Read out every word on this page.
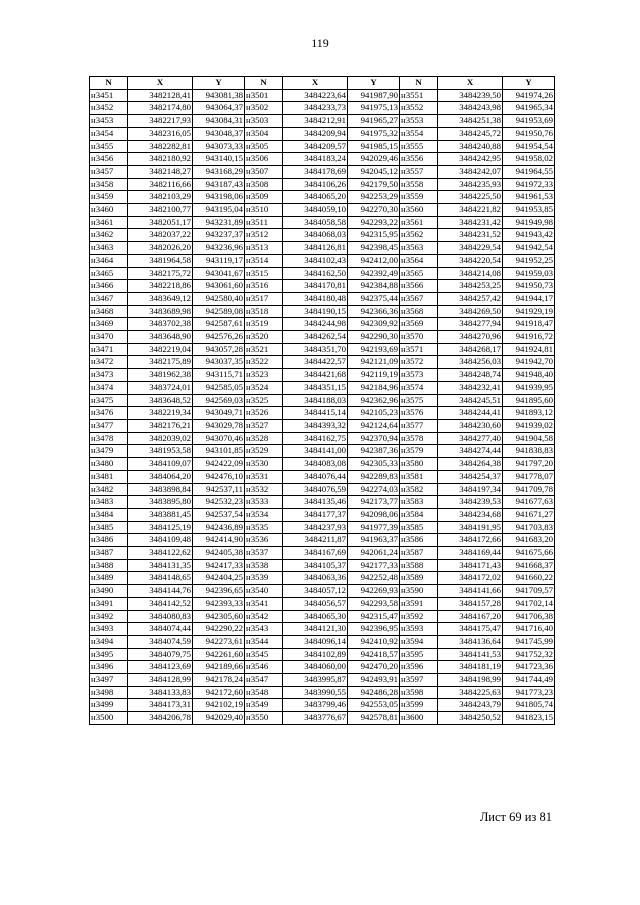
119
N	X	Y	N	X	Y	N	X	Y
н3451	3482128,41	943081,38	н3501	3484223,64	941987,90	н3551	3484239,50	941974,26
н3452	3482174,80	943064,37	н3502	3484233,73	941975,13	н3552	3484243,98	941965,34
н3453	3482217,93	943084,31	н3503	3484212,91	941965,27	н3553	3484251,38	941953,69
н3454	3482316,05	943048,37	н3504	3484209,94	941975,32	н3554	3484245,72	941950,76
н3455	3482282,81	943073,33	н3505	3484209,57	941985,15	н3555	3484240,88	941954,54
н3456	3482180,92	943140,15	н3506	3484183,24	942029,46	н3556	3484242,95	941958,02
н3457	3482148,27	943168,29	н3507	3484178,69	942045,12	н3557	3484242,07	941964,55
н3458	3482116,66	943187,43	н3508	3484106,26	942179,50	н3558	3484235,93	941972,33
н3459	3482103,29	943198,06	н3509	3484065,20	942253,29	н3559	3484225,50	941961,53
н3460	3482100,77	943195,04	н3510	3484059,10	942270,30	н3560	3484221,82	941953,85
н3461	3482051,17	943231,89	н3511	3484058,58	942293,22	н3561	3484231,42	941949,98
н3462	3482037,22	943237,37	н3512	3484068,03	942315,95	н3562	3484231,52	941943,42
н3463	3482026,20	943236,96	н3513	3484126,81	942398,45	н3563	3484229,54	941942,54
н3464	3481964,58	943119,17	н3514	3484102,43	942412,00	н3564	3484220,54	941952,25
н3465	3482175,72	943041,67	н3515	3484162,50	942392,49	н3565	3484214,08	941959,03
н3466	3482218,86	943061,60	н3516	3484170,81	942384,88	н3566	3484253,25	941950,73
н3467	3483649,12	942580,40	н3517	3484180,48	942375,44	н3567	3484257,42	941944,17
н3468	3483689,98	942589,08	н3518	3484190,15	942366,36	н3568	3484269,50	941929,19
н3469	3483702,38	942587,61	н3519	3484244,98	942309,92	н3569	3484277,94	941918,47
н3470	3483648,90	942576,26	н3520	3484262,54	942290,30	н3570	3484270,96	941916,72
н3471	3482219,04	943057,28	н3521	3484351,70	942193,69	н3571	3484268,17	941924,81
н3472	3482175,89	943037,35	н3522	3484422,57	942121,09	н3572	3484256,03	941942,70
н3473	3481962,38	943115,71	н3523	3484421,68	942119,19	н3573	3484248,74	941948,40
н3474	3483724,01	942585,05	н3524	3484351,15	942184,96	н3574	3484232,41	941939,95
н3475	3483648,52	942569,03	н3525	3484188,03	942362,96	н3575	3484245,51	941895,60
н3476	3482219,34	943049,71	н3526	3484415,14	942105,23	н3576	3484244,41	941893,12
н3477	3482176,21	943029,78	н3527	3484393,32	942124,64	н3577	3484230,60	941939,02
н3478	3482039,02	943070,46	н3528	3484162,75	942370,94	н3578	3484277,40	941904,58
н3479	3481953,58	943101,85	н3529	3484141,00	942387,36	н3579	3484274,44	941838,83
н3480	3484109,07	942422,09	н3530	3484083,08	942305,33	н3580	3484264,38	941797,20
н3481	3484064,20	942476,10	н3531	3484076,44	942289,83	н3581	3484254,37	941778,07
н3482	3483898,84	942537,11	н3532	3484076,59	942274,03	н3582	3484197,34	941709,78
н3483	3483895,80	942532,23	н3533	3484135,46	942173,77	н3583	3484239,53	941677,63
н3484	3483881,45	942537,54	н3534	3484177,37	942098,06	н3584	3484234,68	941671,27
н3485	3484125,19	942436,89	н3535	3484237,93	941977,39	н3585	3484191,95	941703,83
н3486	3484109,48	942414,90	н3536	3484211,87	941963,37	н3586	3484172,66	941683,20
н3487	3484122,62	942405,38	н3537	3484167,69	942061,24	н3587	3484169,44	941675,66
н3488	3484131,35	942417,33	н3538	3484105,37	942177,33	н3588	3484171,43	941668,37
н3489	3484148,65	942404,25	н3539	3484063,36	942252,48	н3589	3484172,02	941660,22
н3490	3484144,76	942396,65	н3540	3484057,12	942269,93	н3590	3484141,66	941709,57
н3491	3484142,52	942393,33	н3541	3484056,57	942293,58	н3591	3484157,28	941702,14
н3492	3484080,83	942305,60	н3542	3484065,30	942315,47	н3592	3484167,20	941706,38
н3493	3484074,44	942290,22	н3543	3484121,30	942396,95	н3593	3484175,47	941716,40
н3494	3484074,59	942273,61	н3544	3484096,14	942410,92	н3594	3484136,64	941745,99
н3495	3484079,75	942261,60	н3545	3484102,89	942418,57	н3595	3484141,53	941752,32
н3496	3484123,69	942189,66	н3546	3484060,00	942470,20	н3596	3484181,19	941723,36
н3497	3484128,99	942178,24	н3547	3483995,87	942493,91	н3597	3484198,99	941744,49
н3498	3484133,83	942172,60	н3548	3483990,55	942486,28	н3598	3484225,63	941773,23
н3499	3484173,31	942102,19	н3549	3483799,46	942553,05	н3599	3484243,79	941805,74
н3500	3484206,78	942029,40	н3550	3483776,67	942578,81	н3600	3484250,52	941823,15
Лист 69 из 81
